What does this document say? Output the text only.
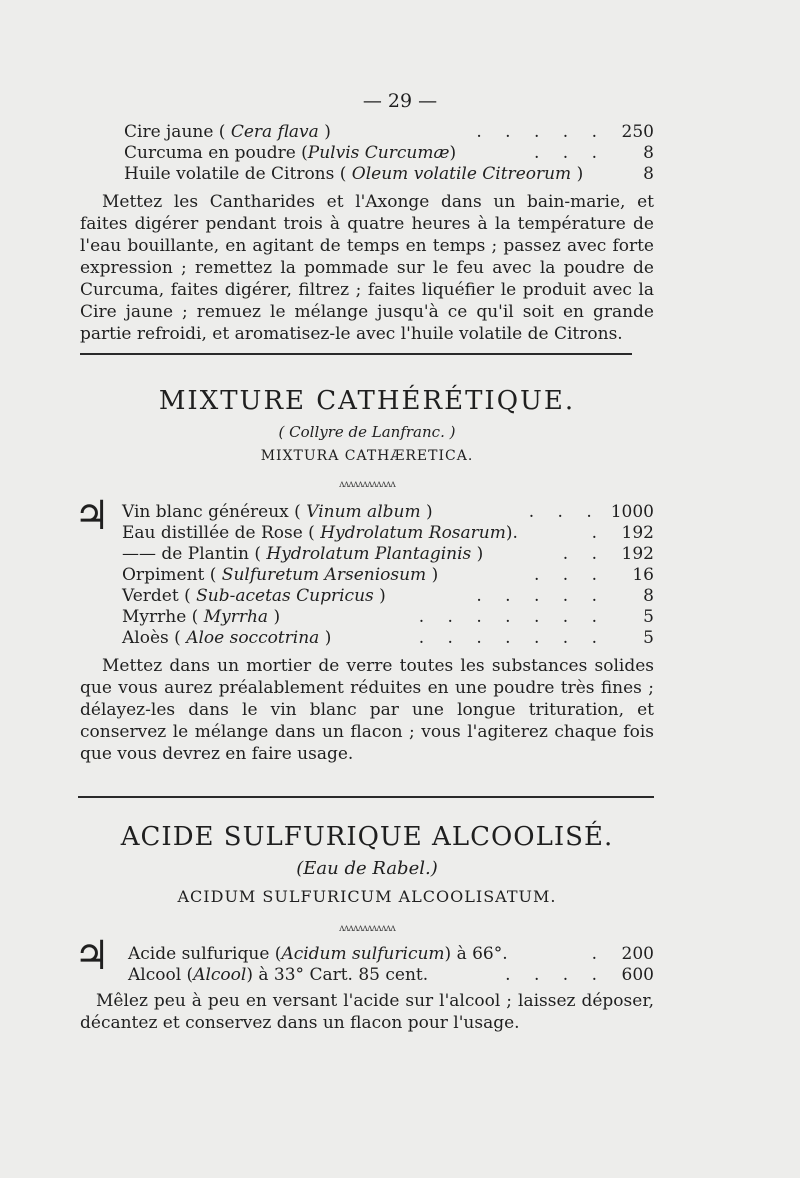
— 29 —
Cire jaune ( Cera flava )	. . . . . 250
Curcuma en poudre (Pulvis Curcumæ)	. . .	8
Huile volatile de Citrons ( Oleum volatile Citreorum )	8

Mettez les Cantharides et l'Axonge dans un bain-marie, et faites digérer pendant trois à quatre heures à la température de l'eau bouillante, en agitant de temps en temps ; passez avec forte expression ; remettez la pommade sur le feu avec la poudre de Curcuma, faites digérer, filtrez ; faites liquéfier le produit avec la Cire jaune ; remuez le mélange jusqu'à ce qu'il soit en grande partie refroidi, et aromatisez-le avec l'huile volatile de Citrons.

MIXTURE CATHÉRÉTIQUE.
( Collyre de Lanfranc. )
MIXTURA CATHÆRETICA.
ʌʌʌʌʌʌʌʌʌʌʌʌ
♃ Vin blanc généreux ( Vinum album )	. . . 1000
Eau distillée de Rose ( Hydrolatum Rosarum).	. 192
—— de Plantin ( Hydrolatum Plantaginis )	. . 192
Orpiment ( Sulfuretum Arseniosum )	. . .	16
Verdet ( Sub-acetas Cupricus )	. . . . .	8
Myrrhe ( Myrrha )	. . . . . . .	5
Aloès ( Aloe soccotrina )	. . . . . . .	5

Mettez dans un mortier de verre toutes les substances solides que vous aurez préalablement réduites en une poudre très fines ; délayez-les dans le vin blanc par une longue trituration, et conservez le mélange dans un flacon ; vous l'agiterez chaque fois que vous devrez en faire usage.

ACIDE SULFURIQUE ALCOOLISÉ.
(Eau de Rabel.)
ACIDUM SULFURICUM ALCOOLISATUM.
ʌʌʌʌʌʌʌʌʌʌʌʌ
♃ Acide sulfurique (Acidum sulfuricum) à 66°.	. 200
Alcool (Alcool) à 33° Cart. 85 cent.	. . . . 600

Mêlez peu à peu en versant l'acide sur l'alcool ; laissez déposer, décantez et conservez dans un flacon pour l'usage.
